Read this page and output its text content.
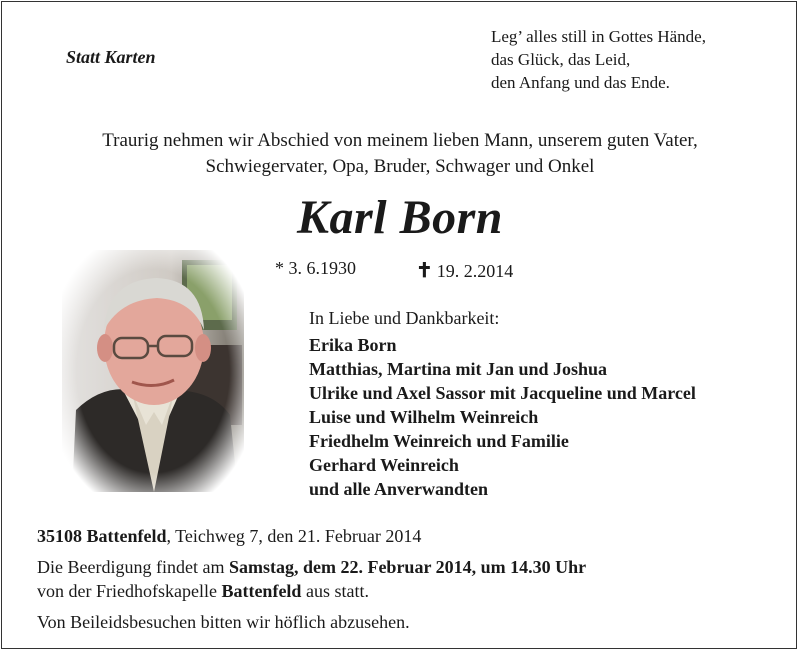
Statt Karten
Leg’ alles still in Gottes Hände,
das Glück, das Leid,
den Anfang und das Ende.
Traurig nehmen wir Abschied von meinem lieben Mann, unserem guten Vater,
Schwiegervater, Opa, Bruder, Schwager und Onkel
Karl Born
* 3. 6.1930	✝ 19. 2.2014
In Liebe und Dankbarkeit:
Erika Born
Matthias, Martina mit Jan und Joshua
Ulrike und Axel Sassor mit Jacqueline und Marcel
Luise und Wilhelm Weinreich
Friedhelm Weinreich und Familie
Gerhard Weinreich
und alle Anverwandten

35108 Battenfeld, Teichweg 7, den 21. Februar 2014

Die Beerdigung findet am Samstag, dem 22. Februar 2014, um 14.30 Uhr

von der Friedhofskapelle Battenfeld aus statt.

Von Beileidsbesuchen bitten wir höflich abzusehen.
